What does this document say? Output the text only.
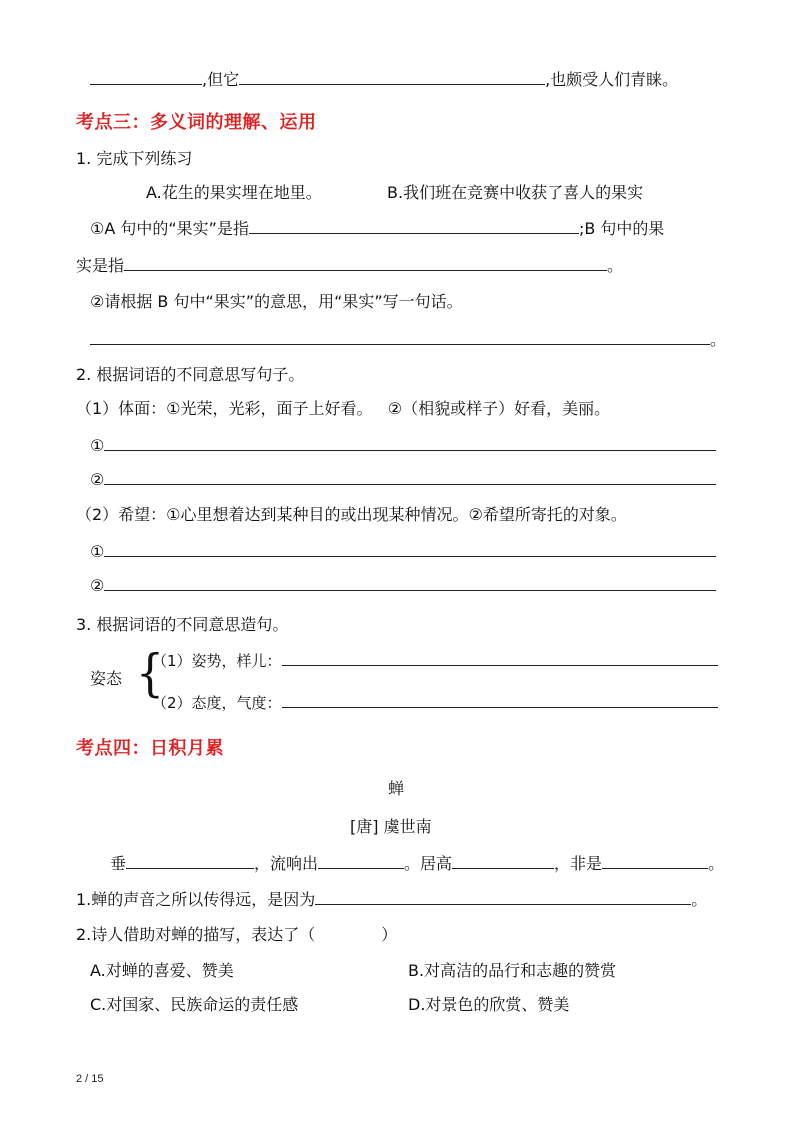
,但它	,也颇受人们青睐。
考点三：多义词的理解、运用
1. 完成下列练习
A.花生的果实埋在地里。	B.我们班在竞赛中收获了喜人的果实
①A 句中的“果实”是指	;B 句中的果
实是指	。
②请根据 B 句中“果实”的意思，用“果实”写一句话。
。
2. 根据词语的不同意思写句子。
（1）体面：①光荣，光彩，面子上好看。   ②（相貌或样子）好看，美丽。
①
②
（2）希望：①心里想着达到某种目的或出现某种情况。②希望所寄托的对象。
①
②
3. 根据词语的不同意思造句。
姿态 {
（1）姿势，样儿：
（2）态度，气度：
考点四：日积月累
蝉
[唐] 虞世南
垂	，流响出	。居高	，非是	。
1.蝉的声音之所以传得远，是因为	。
2.诗人借助对蝉的描写，表达了（	）
A.对蝉的喜爱、赞美	B.对高洁的品行和志趣的赞赏
C.对国家、民族命运的责任感	D.对景色的欣赏、赞美
2 / 15
